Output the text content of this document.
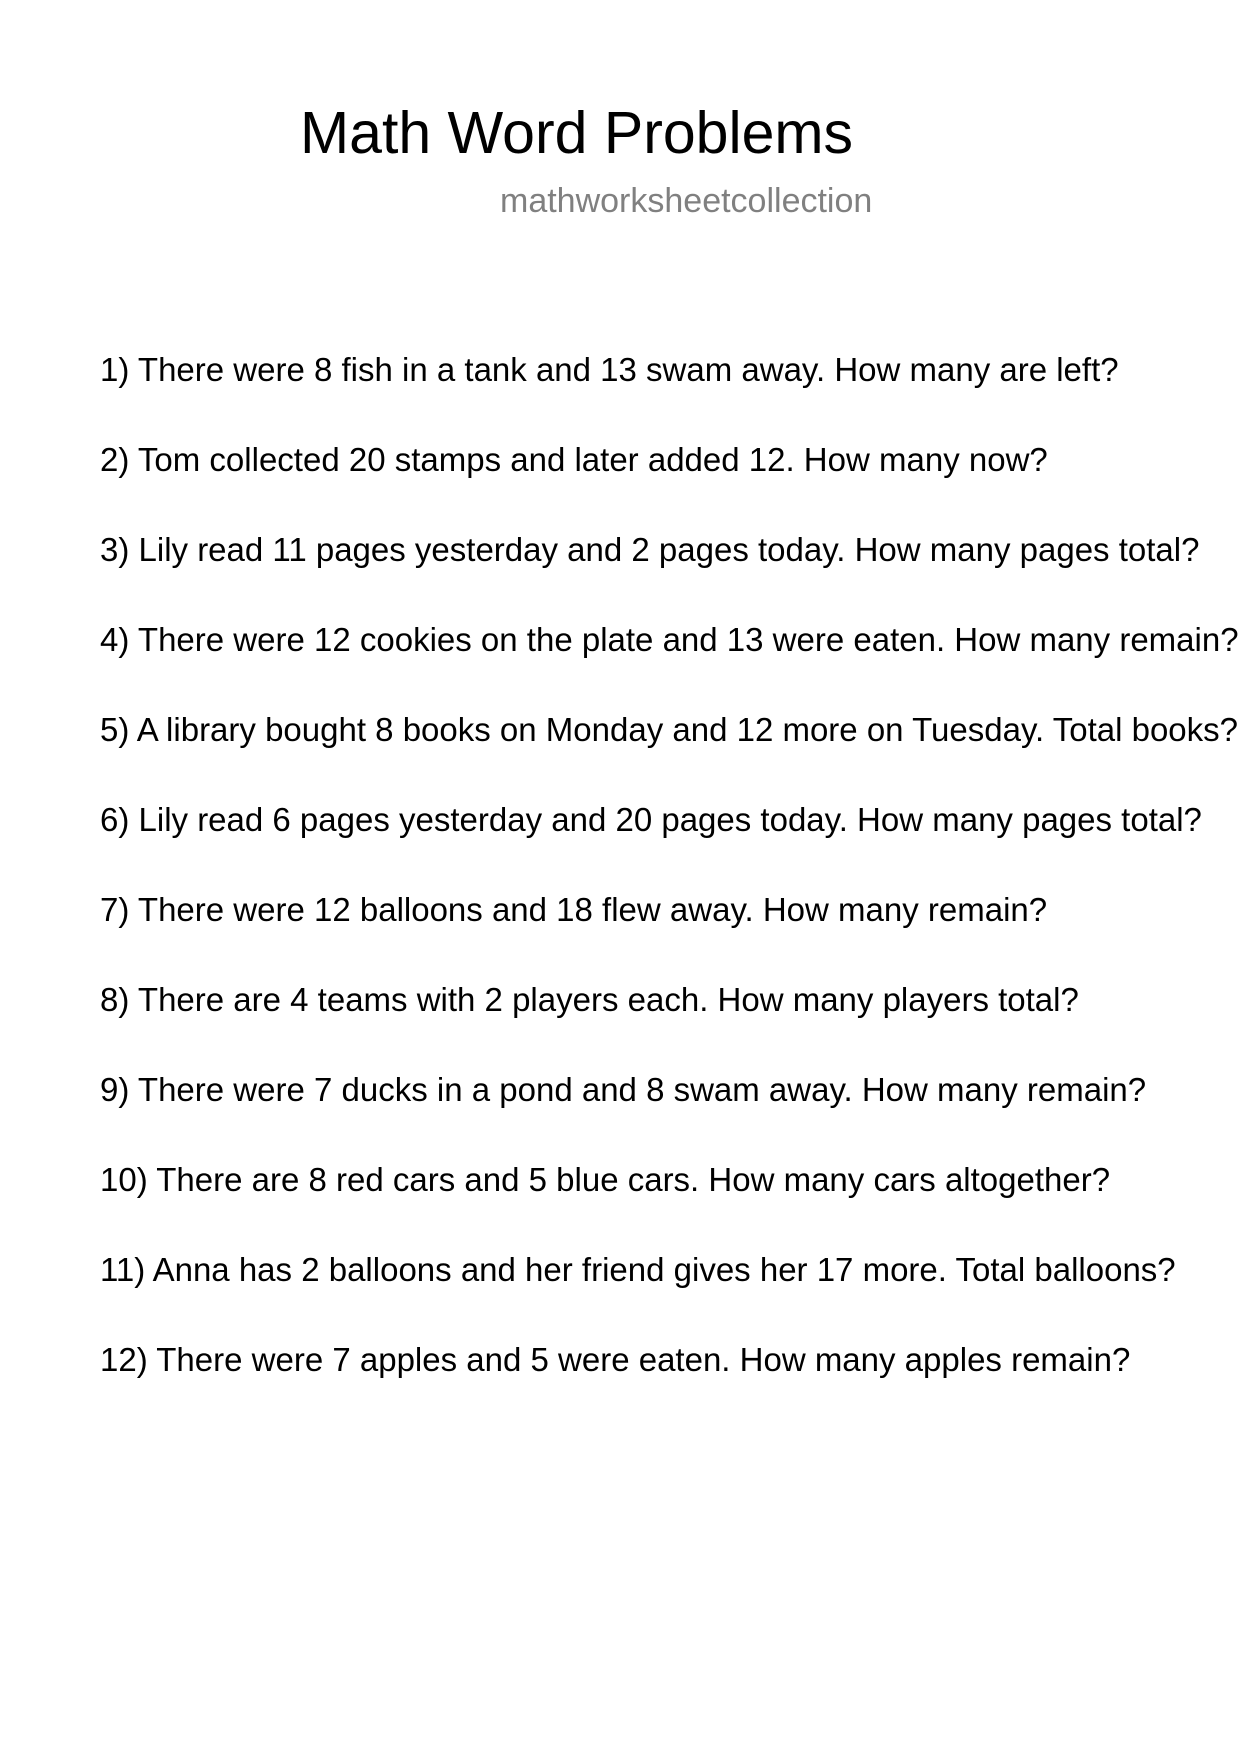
Math Word Problems
mathworksheetcollection
1) There were 8 fish in a tank and 13 swam away. How many are left?
2) Tom collected 20 stamps and later added 12. How many now?
3) Lily read 11 pages yesterday and 2 pages today. How many pages total?
4) There were 12 cookies on the plate and 13 were eaten. How many remain?
5) A library bought 8 books on Monday and 12 more on Tuesday. Total books?
6) Lily read 6 pages yesterday and 20 pages today. How many pages total?
7) There were 12 balloons and 18 flew away. How many remain?
8) There are 4 teams with 2 players each. How many players total?
9) There were 7 ducks in a pond and 8 swam away. How many remain?
10) There are 8 red cars and 5 blue cars. How many cars altogether?
11) Anna has 2 balloons and her friend gives her 17 more. Total balloons?
12) There were 7 apples and 5 were eaten. How many apples remain?
